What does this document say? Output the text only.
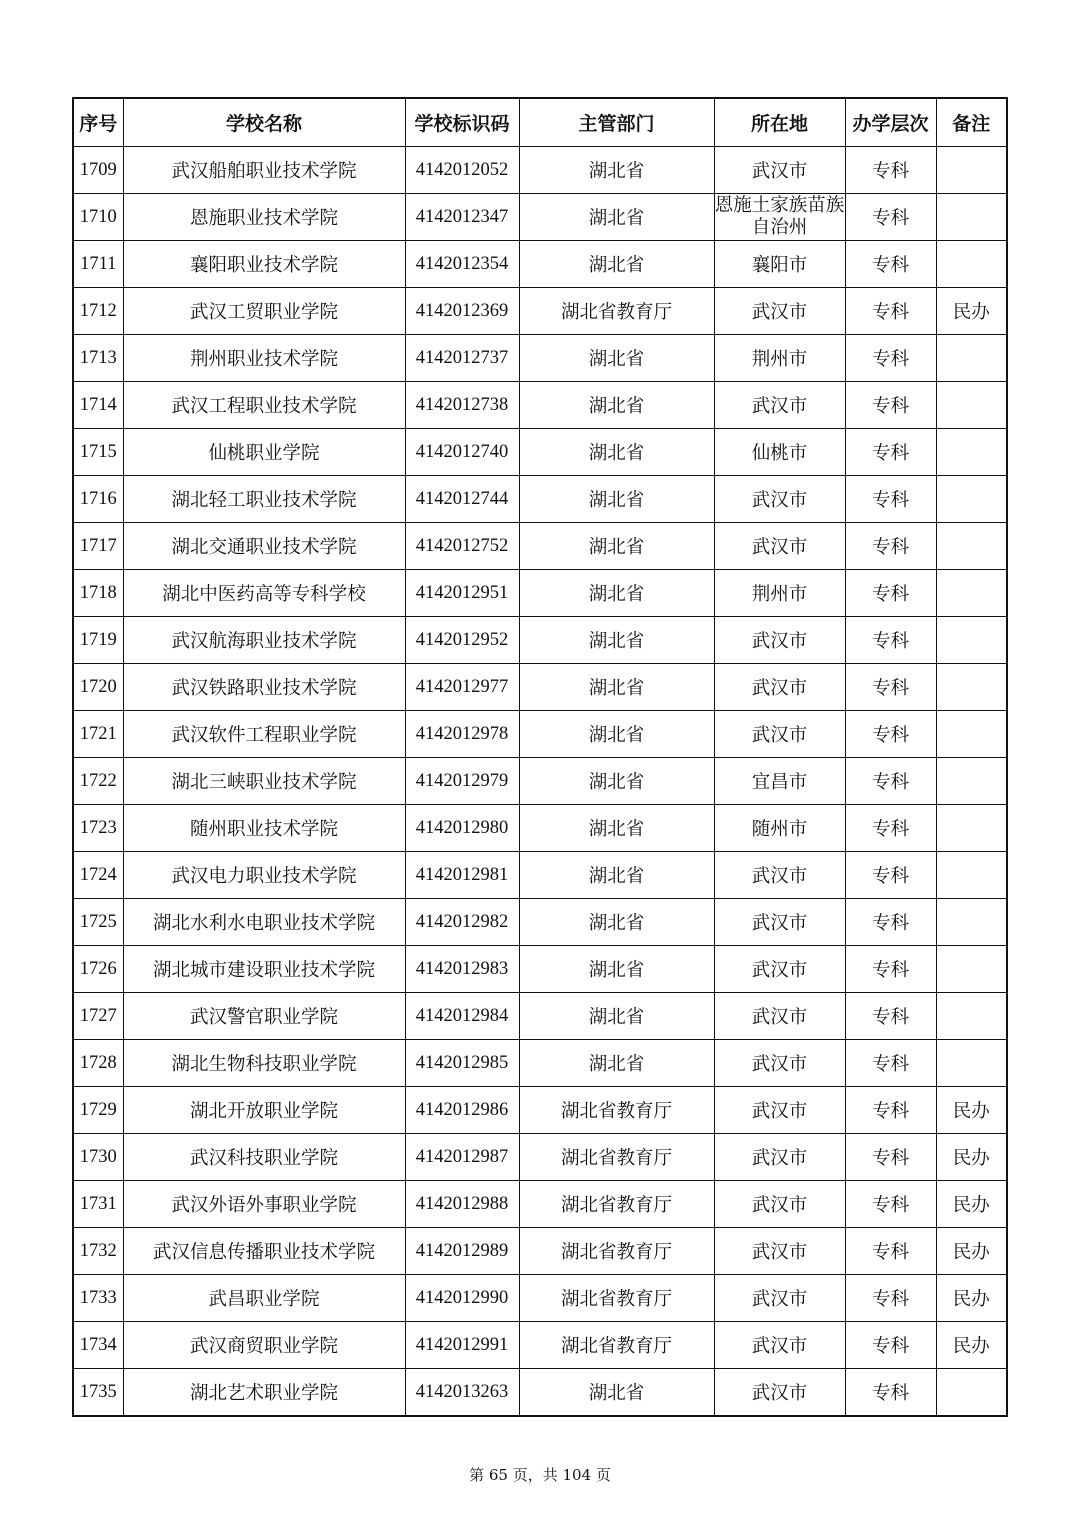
序号	学校名称	学校标识码	主管部门	所在地	办学层次	备注
1709	武汉船舶职业技术学院	4142012052	湖北省	武汉市	专科	
1710	恩施职业技术学院	4142012347	湖北省	恩施土家族苗族自治州	专科	
1711	襄阳职业技术学院	4142012354	湖北省	襄阳市	专科	
1712	武汉工贸职业学院	4142012369	湖北省教育厅	武汉市	专科	民办
1713	荆州职业技术学院	4142012737	湖北省	荆州市	专科	
1714	武汉工程职业技术学院	4142012738	湖北省	武汉市	专科	
1715	仙桃职业学院	4142012740	湖北省	仙桃市	专科	
1716	湖北轻工职业技术学院	4142012744	湖北省	武汉市	专科	
1717	湖北交通职业技术学院	4142012752	湖北省	武汉市	专科	
1718	湖北中医药高等专科学校	4142012951	湖北省	荆州市	专科	
1719	武汉航海职业技术学院	4142012952	湖北省	武汉市	专科	
1720	武汉铁路职业技术学院	4142012977	湖北省	武汉市	专科	
1721	武汉软件工程职业学院	4142012978	湖北省	武汉市	专科	
1722	湖北三峡职业技术学院	4142012979	湖北省	宜昌市	专科	
1723	随州职业技术学院	4142012980	湖北省	随州市	专科	
1724	武汉电力职业技术学院	4142012981	湖北省	武汉市	专科	
1725	湖北水利水电职业技术学院	4142012982	湖北省	武汉市	专科	
1726	湖北城市建设职业技术学院	4142012983	湖北省	武汉市	专科	
1727	武汉警官职业学院	4142012984	湖北省	武汉市	专科	
1728	湖北生物科技职业学院	4142012985	湖北省	武汉市	专科	
1729	湖北开放职业学院	4142012986	湖北省教育厅	武汉市	专科	民办
1730	武汉科技职业学院	4142012987	湖北省教育厅	武汉市	专科	民办
1731	武汉外语外事职业学院	4142012988	湖北省教育厅	武汉市	专科	民办
1732	武汉信息传播职业技术学院	4142012989	湖北省教育厅	武汉市	专科	民办
1733	武昌职业学院	4142012990	湖北省教育厅	武汉市	专科	民办
1734	武汉商贸职业学院	4142012991	湖北省教育厅	武汉市	专科	民办
1735	湖北艺术职业学院	4142013263	湖北省	武汉市	专科	
第 65 页，共 104 页
